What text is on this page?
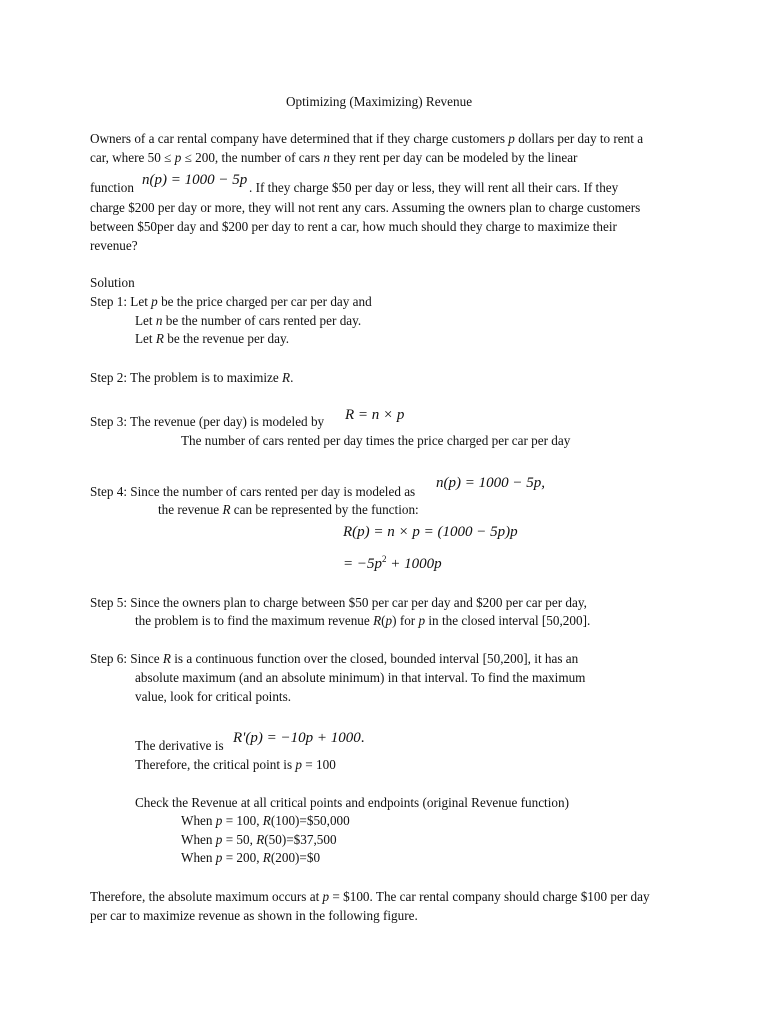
Optimizing (Maximizing) Revenue
Owners of a car rental company have determined that if they charge customers p dollars per day to rent a
car, where 50 ≤ p ≤ 200, the number of cars n they rent per day can be modeled by the linear
function n(p) = 1000 − 5p . If they charge $50 per day or less, they will rent all their cars. If they
charge $200 per day or more, they will not rent any cars. Assuming the owners plan to charge customers
between $50per day and $200 per day to rent a car, how much should they charge to maximize their
revenue?
Solution
Step 1: Let p be the price charged per car per day and
Let n be the number of cars rented per day.
Let R be the revenue per day.
Step 2: The problem is to maximize R.
Step 3: The revenue (per day) is modeled by R = n × p
The number of cars rented per day times the price charged per car per day
Step 4: Since the number of cars rented per day is modeled as
n(p) = 1000 − 5p,
the revenue R can be represented by the function:
R(p) = n × p = (1000 − 5p)p
= $-5p^2 + 1000p$
Step 5: Since the owners plan to charge between $50 per car per day and $200 per car per day,
the problem is to find the maximum revenue R(p) for p in the closed interval [50,200].
Step 6: Since R is a continuous function over the closed, bounded interval [50,200], it has an
absolute maximum (and an absolute minimum) in that interval. To find the maximum
value, look for critical points.
The derivative is R'(p) = −10p + 1000.
Therefore, the critical point is p = 100
Check the Revenue at all critical points and endpoints (original Revenue function)
When p = 100, R(100)=$50,000
When p = 50, R(50)=$37,500
When p = 200, R(200)=$0
Therefore, the absolute maximum occurs at p = $100. The car rental company should charge $100 per day
per car to maximize revenue as shown in the following figure.
